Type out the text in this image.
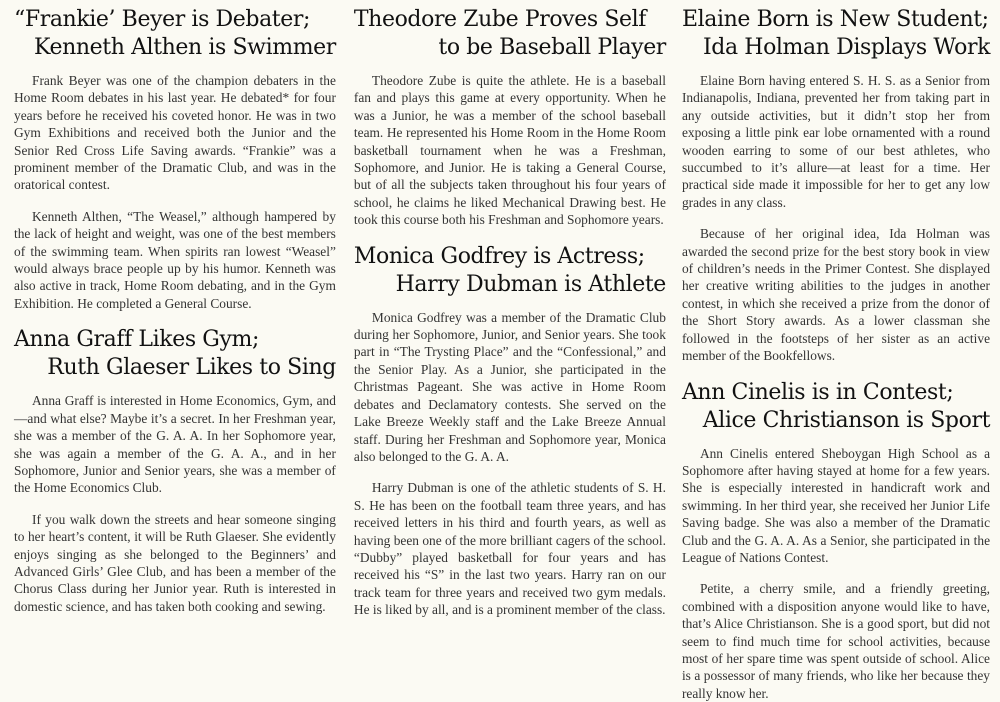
“Frankie’ Beyer is Debater;
Kenneth Althen is Swimmer

Frank Beyer was one of the champion debaters in the Home Room debates in his last year. He debated* for four years before he received his coveted honor. He was in two Gym Exhibitions and received both the Junior and the Senior Red Cross Life Saving awards. “Frankie” was a prominent member of the Dramatic Club, and was in the oratorical contest.

Kenneth Althen, “The Weasel,” although hampered by the lack of height and weight, was one of the best members of the swimming team. When spirits ran lowest “Weasel” would always brace people up by his humor. Kenneth was also active in track, Home Room debating, and in the Gym Exhibition. He completed a General Course.

Anna Graff Likes Gym;
Ruth Glaeser Likes to Sing

Anna Graff is interested in Home Economics, Gym, and—and what else? Maybe it’s a secret. In her Freshman year, she was a member of the G. A. A. In her Sophomore year, she was again a member of the G. A. A., and in her Sophomore, Junior and Senior years, she was a member of the Home Economics Club.

If you walk down the streets and hear someone singing to her heart’s content, it will be Ruth Glaeser. She evidently enjoys singing as she belonged to the Beginners’ and Advanced Girls’ Glee Club, and has been a member of the Chorus Class during her Junior year. Ruth is interested in domestic science, and has taken both cooking and sewing.

Theodore Zube Proves Self
to be Baseball Player

Theodore Zube is quite the athlete. He is a baseball fan and plays this game at every opportunity. When he was a Junior, he was a member of the school baseball team. He represented his Home Room in the Home Room basketball tournament when he was a Freshman, Sophomore, and Junior. He is taking a General Course, but of all the subjects taken throughout his four years of school, he claims he liked Mechanical Drawing best. He took this course both his Freshman and Sophomore years.

Monica Godfrey is Actress;
Harry Dubman is Athlete

Monica Godfrey was a member of the Dramatic Club during her Sophomore, Junior, and Senior years. She took part in “The Trysting Place” and the “Confessional,” and the Senior Play. As a Junior, she participated in the Christmas Pageant. She was active in Home Room debates and Declamatory contests. She served on the Lake Breeze Weekly staff and the Lake Breeze Annual staff. During her Freshman and Sophomore year, Monica also belonged to the G. A. A.

Harry Dubman is one of the athletic students of S. H. S. He has been on the football team three years, and has received letters in his third and fourth years, as well as having been one of the more brilliant cagers of the school. “Dubby” played basketball for four years and has received his “S” in the last two years. Harry ran on our track team for three years and received two gym medals. He is liked by all, and is a prominent member of the class.

Elaine Born is New Student;
Ida Holman Displays Work

Elaine Born having entered S. H. S. as a Senior from Indianapolis, Indiana, prevented her from taking part in any outside activities, but it didn’t stop her from exposing a little pink ear lobe ornamented with a round wooden earring to some of our best athletes, who succumbed to it’s allure—at least for a time. Her practical side made it impossible for her to get any low grades in any class.

Because of her original idea, Ida Holman was awarded the second prize for the best story book in view of children’s needs in the Primer Contest. She displayed her creative writing abilities to the judges in another contest, in which she received a prize from the donor of the Short Story awards. As a lower classman she followed in the footsteps of her sister as an active member of the Bookfellows.

Ann Cinelis is in Contest;
Alice Christianson is Sport

Ann Cinelis entered Sheboygan High School as a Sophomore after having stayed at home for a few years. She is especially interested in handicraft work and swimming. In her third year, she received her Junior Life Saving badge. She was also a member of the Dramatic Club and the G. A. A. As a Senior, she participated in the League of Nations Contest.

Petite, a cherry smile, and a friendly greeting, combined with a disposition anyone would like to have, that’s Alice Christianson. She is a good sport, but did not seem to find much time for school activities, because most of her spare time was spent outside of school. Alice is a possessor of many friends, who like her because they really know her.
